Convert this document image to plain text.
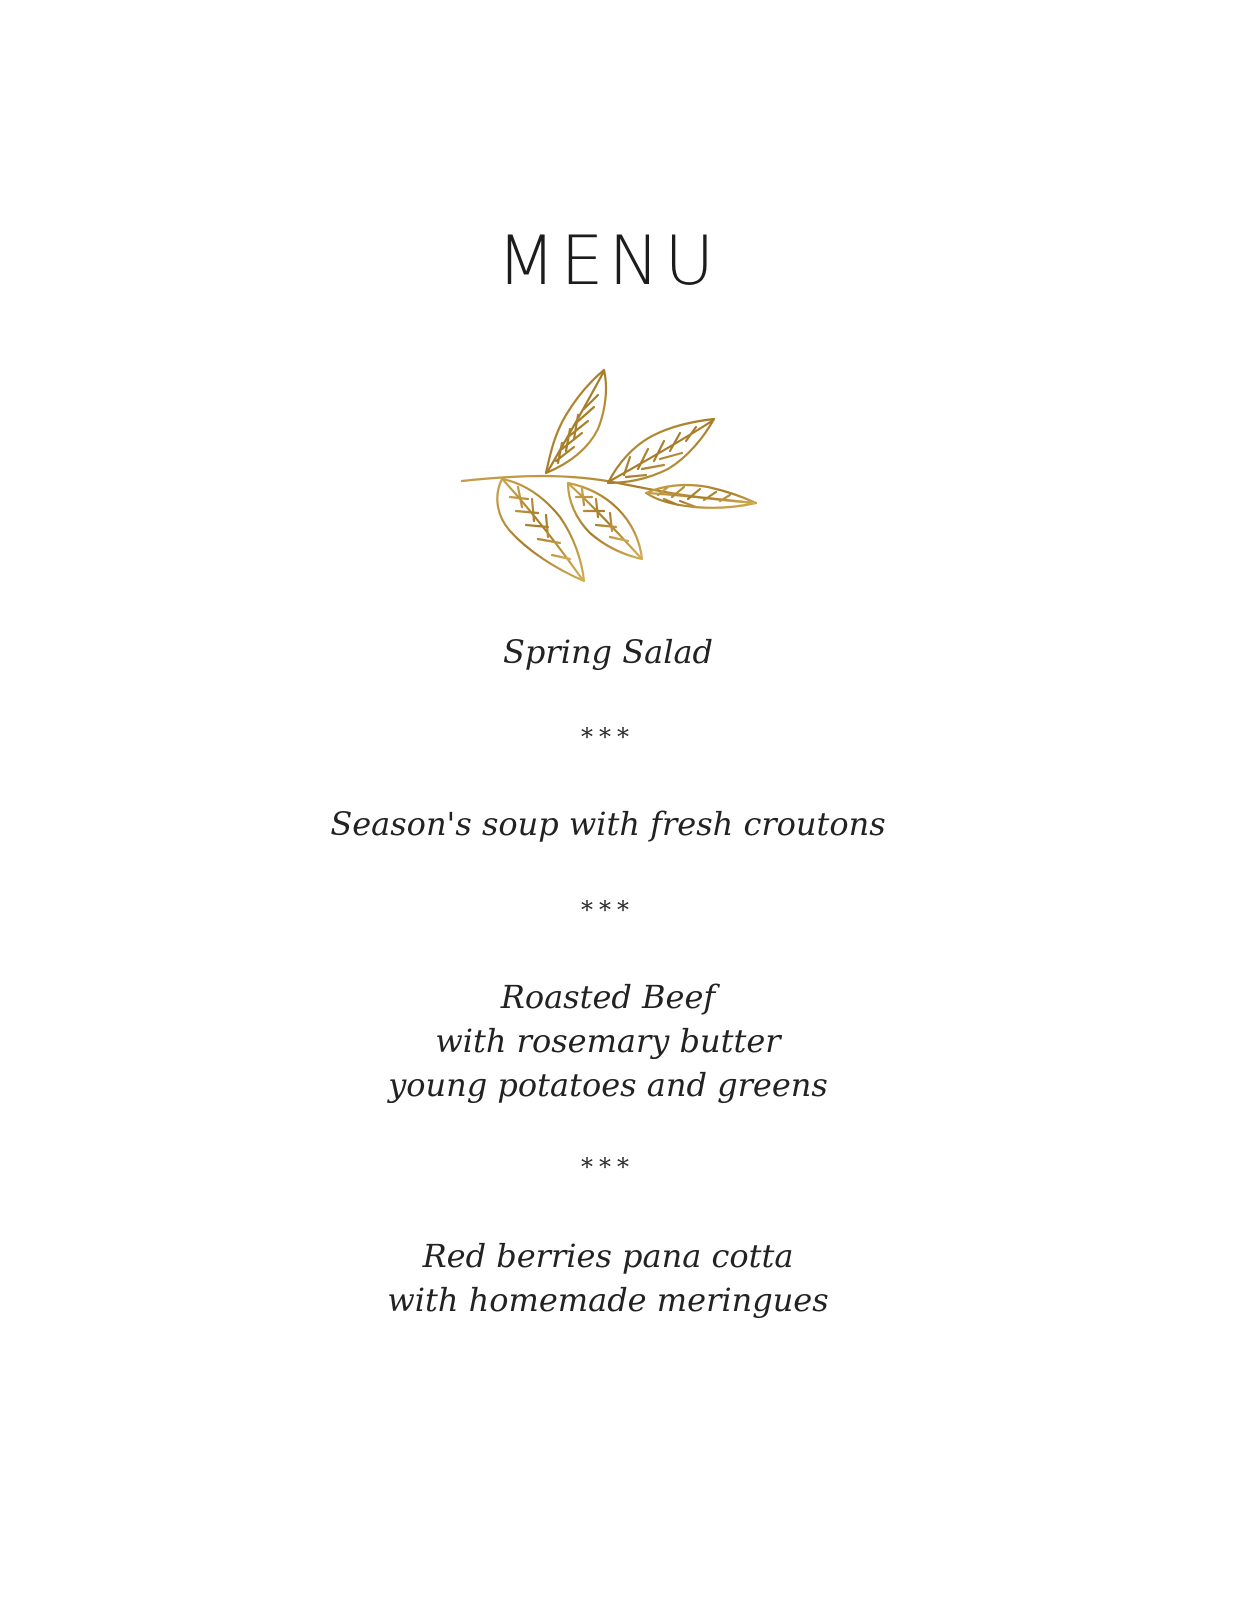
MENU
Spring Salad
***
Season's soup with fresh croutons
***
Roasted Beef
with rosemary butter
young potatoes and greens
***
Red berries pana cotta
with homemade meringues
